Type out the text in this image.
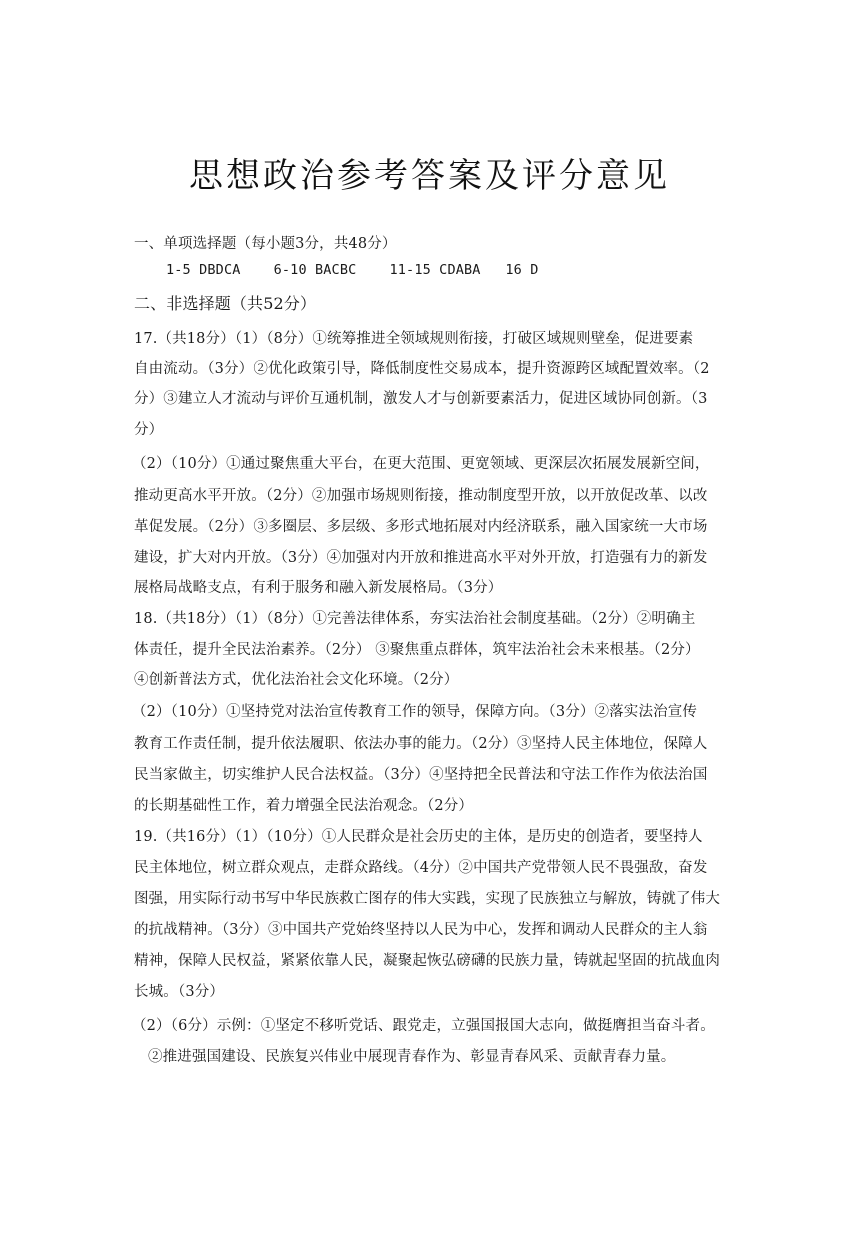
思想政治参考答案及评分意见
一、单项选择题（每小题3分，共48分）
1-5 DBDCA    6-10 BACBC    11-15 CDABA   16 D
二、非选择题（共52分）
17.（共18分）（1）（8分）①统筹推进全领域规则衔接，打破区域规则壁垒，促进要素
自由流动。（3分）②优化政策引导，降低制度性交易成本，提升资源跨区域配置效率。（2
分）③建立人才流动与评价互通机制，激发人才与创新要素活力，促进区域协同创新。（3
分）
（2）（10分）①通过聚焦重大平台，在更大范围、更宽领域、更深层次拓展发展新空间，
推动更高水平开放。（2分）②加强市场规则衔接，推动制度型开放，以开放促改革、以改
革促发展。（2分）③多圈层、多层级、多形式地拓展对内经济联系，融入国家统一大市场
建设，扩大对内开放。（3分）④加强对内开放和推进高水平对外开放，打造强有力的新发
展格局战略支点，有利于服务和融入新发展格局。（3分）
18.（共18分）（1）（8分）①完善法律体系，夯实法治社会制度基础。（2分）②明确主
体责任，提升全民法治素养。（2分） ③聚焦重点群体，筑牢法治社会未来根基。（2分）
④创新普法方式，优化法治社会文化环境。（2分）
（2）（10分）①坚持党对法治宣传教育工作的领导，保障方向。（3分）②落实法治宣传
教育工作责任制，提升依法履职、依法办事的能力。（2分）③坚持人民主体地位，保障人
民当家做主，切实维护人民合法权益。（3分）④坚持把全民普法和守法工作作为依法治国
的长期基础性工作，着力增强全民法治观念。（2分）
19.（共16分）（1）（10分）①人民群众是社会历史的主体，是历史的创造者，要坚持人
民主体地位，树立群众观点，走群众路线。（4分）②中国共产党带领人民不畏强敌，奋发
图强，用实际行动书写中华民族救亡图存的伟大实践，实现了民族独立与解放，铸就了伟大
的抗战精神。（3分）③中国共产党始终坚持以人民为中心，发挥和调动人民群众的主人翁
精神，保障人民权益，紧紧依靠人民，凝聚起恢弘磅礴的民族力量，铸就起坚固的抗战血肉
长城。（3分）
（2）（6分）示例：①坚定不移听党话、跟党走，立强国报国大志向，做挺膺担当奋斗者。
②推进强国建设、民族复兴伟业中展现青春作为、彰显青春风采、贡献青春力量。
